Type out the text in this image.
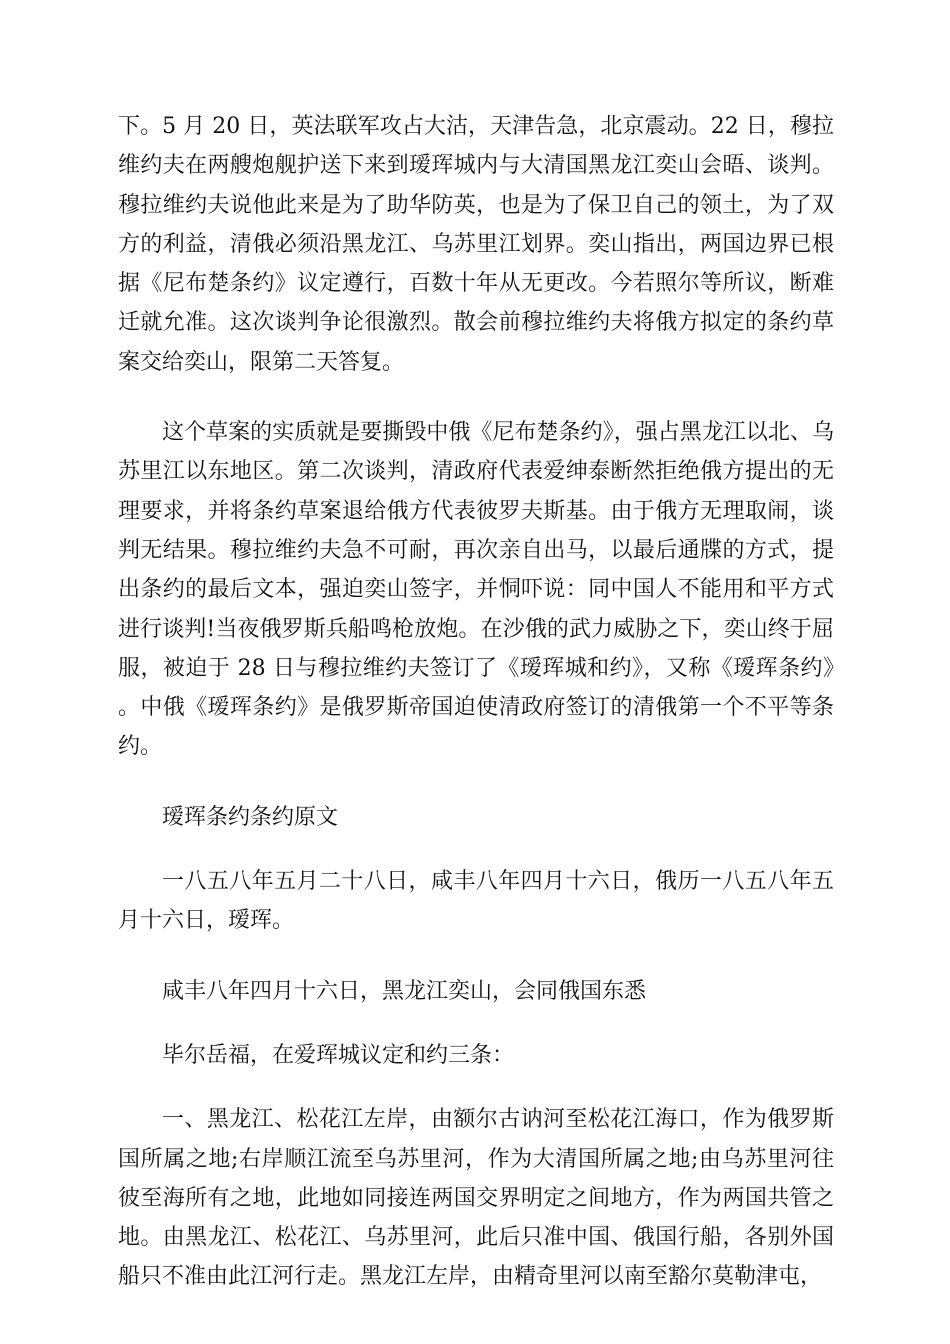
下。5 月 20 日，英法联军攻占大沽，天津告急，北京震动。22 日，穆拉维约夫在两艘炮舰护送下来到瑷珲城内与大清国黑龙江奕山会晤、谈判。穆拉维约夫说他此来是为了助华防英，也是为了保卫自己的领土，为了双方的利益，清俄必须沿黑龙江、乌苏里江划界。奕山指出，两国边界已根据《尼布楚条约》议定遵行，百数十年从无更改。今若照尔等所议，断难迁就允准。这次谈判争论很激烈。散会前穆拉维约夫将俄方拟定的条约草案交给奕山，限第二天答复。

这个草案的实质就是要撕毁中俄《尼布楚条约》，强占黑龙江以北、乌苏里江以东地区。第二次谈判，清政府代表爱绅泰断然拒绝俄方提出的无理要求，并将条约草案退给俄方代表彼罗夫斯基。由于俄方无理取闹，谈判无结果。穆拉维约夫急不可耐，再次亲自出马，以最后通牒的方式，提出条约的最后文本，强迫奕山签字，并恫吓说：同中国人不能用和平方式进行谈判!当夜俄罗斯兵船鸣枪放炮。在沙俄的武力威胁之下，奕山终于屈服，被迫于 28 日与穆拉维约夫签订了《瑷珲城和约》，又称《瑷珲条约》。中俄《瑷珲条约》是俄罗斯帝国迫使清政府签订的清俄第一个不平等条约。

瑷珲条约条约原文

一八五八年五月二十八日，咸丰八年四月十六日，俄历一八五八年五月十六日，瑷珲。

咸丰八年四月十六日，黑龙江奕山，会同俄国东悉

毕尔岳福，在爱珲城议定和约三条：

一、黑龙江、松花江左岸，由额尔古讷河至松花江海口，作为俄罗斯国所属之地;右岸顺江流至乌苏里河，作为大清国所属之地;由乌苏里河往彼至海所有之地，此地如同接连两国交界明定之间地方，作为两国共管之地。由黑龙江、松花江、乌苏里河，此后只准中国、俄国行船，各别外国船只不准由此江河行走。黑龙江左岸，由精奇里河以南至豁尔莫勒津屯，
